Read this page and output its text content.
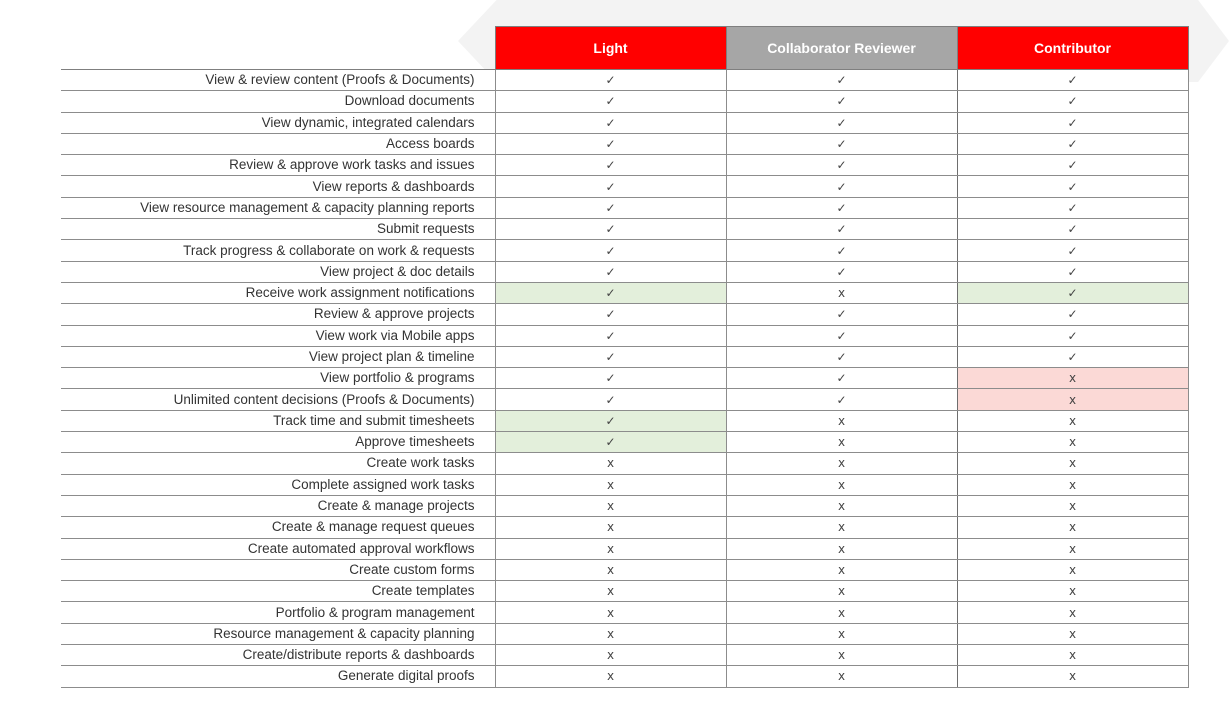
	Light	Collaborator Reviewer	Contributor
View & review content (Proofs & Documents)	✓	✓	✓
Download documents	✓	✓	✓
View dynamic, integrated calendars	✓	✓	✓
Access boards	✓	✓	✓
Review & approve work tasks and issues	✓	✓	✓
View reports & dashboards	✓	✓	✓
View resource management & capacity planning reports	✓	✓	✓
Submit requests	✓	✓	✓
Track progress & collaborate on work & requests	✓	✓	✓
View project & doc details	✓	✓	✓
Receive work assignment notifications	✓	x	✓
Review & approve projects	✓	✓	✓
View work via Mobile apps	✓	✓	✓
View project plan & timeline	✓	✓	✓
View portfolio & programs	✓	✓	x
Unlimited content decisions (Proofs & Documents)	✓	✓	x
Track time and submit timesheets	✓	x	x
Approve timesheets	✓	x	x
Create work tasks	x	x	x
Complete assigned work tasks	x	x	x
Create & manage projects	x	x	x
Create & manage request queues	x	x	x
Create automated approval workflows	x	x	x
Create custom forms	x	x	x
Create templates	x	x	x
Portfolio & program management	x	x	x
Resource management & capacity planning	x	x	x
Create/distribute reports & dashboards	x	x	x
Generate digital proofs	x	x	x
